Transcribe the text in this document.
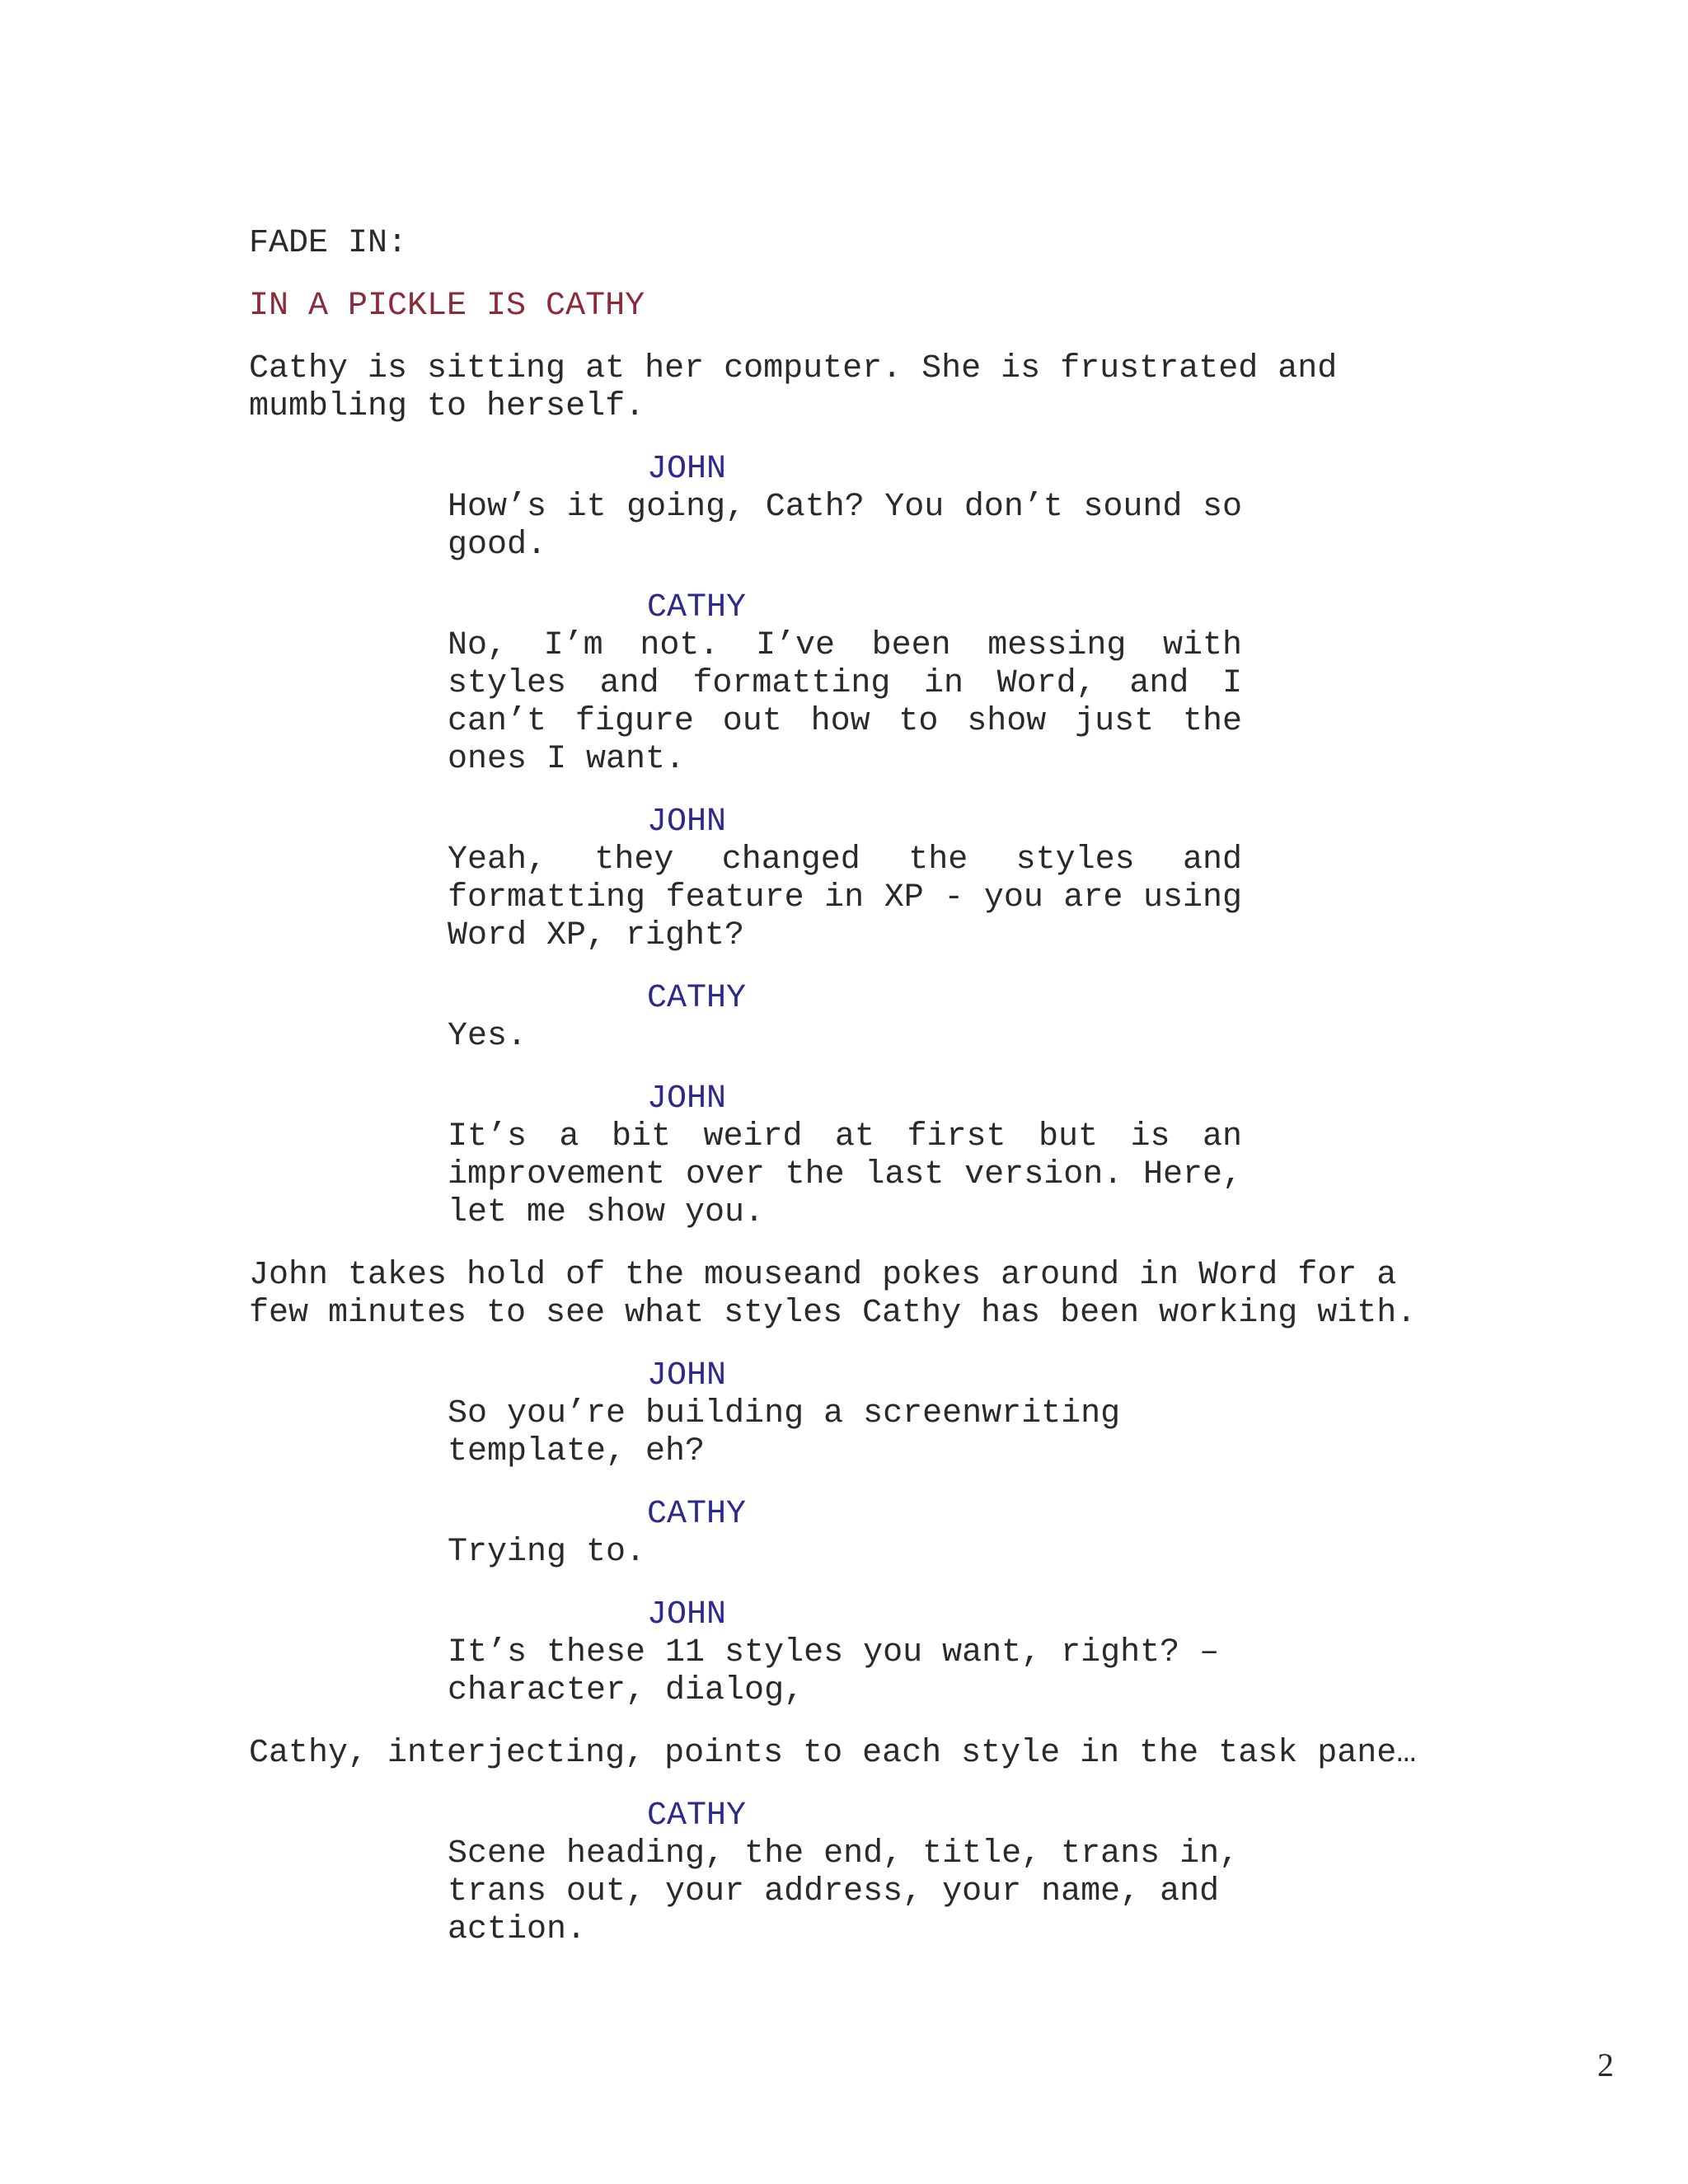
FADE IN:
IN A PICKLE IS CATHY
Cathy is sitting at her computer. She is frustrated and mumbling to herself.
JOHN
How’s it going, Cath? You don’t sound so good.
CATHY
No, I’m not. I’ve been messing with styles and formatting in Word, and I can’t figure out how to show just the ones I want.
JOHN
Yeah, they changed the styles and formatting feature in XP - you are using Word XP, right?
CATHY
Yes.
JOHN
It’s a bit weird at first but is an improvement over the last version. Here, let me show you.
John takes hold of the mouseand pokes around in Word for a few minutes to see what styles Cathy has been working with.
JOHN
So you’re building a screenwriting template, eh?
CATHY
Trying to.
JOHN
It’s these 11 styles you want, right? – character, dialog,
Cathy, interjecting, points to each style in the task pane…
CATHY
Scene heading, the end, title, trans in, trans out, your address, your name, and action.
2
